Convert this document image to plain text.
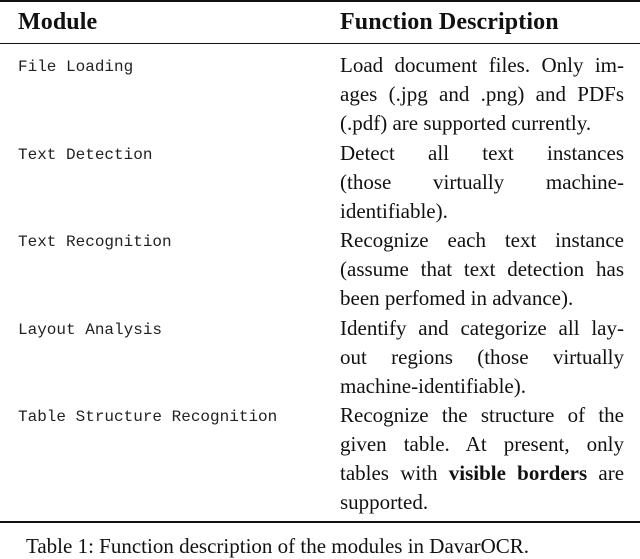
Module	Function Description
File Loading	Load document files. Only im-
ages (.jpg and .png) and PDFs
(.pdf) are supported currently.
Text Detection	Detect all text instances
(those virtually machine-
identifiable).
Text Recognition	Recognize each text instance
(assume that text detection has
been perfomed in advance).
Layout Analysis	Identify and categorize all lay-
out regions (those virtually
machine-identifiable).
Table Structure Recognition	Recognize the structure of the
given table. At present, only
tables with visible borders are
supported.
Table 1: Function description of the modules in DavarOCR.
